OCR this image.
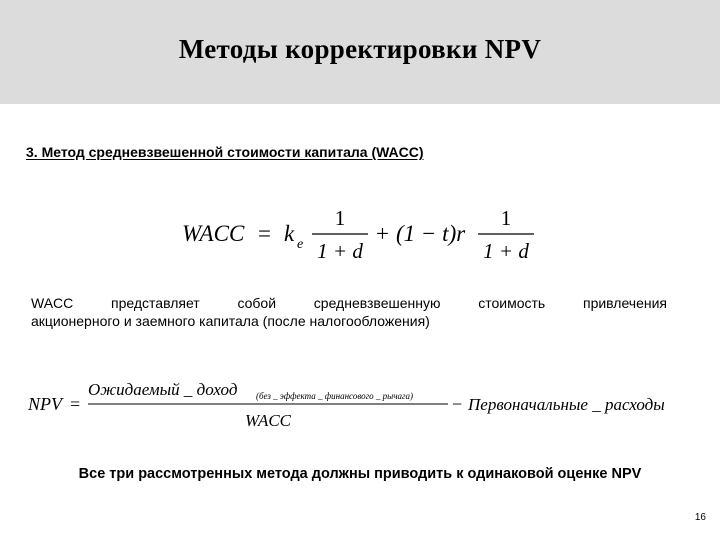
Методы корректировки NPV
3. Метод средневзвешенной стоимости капитала (WACC)
WACC = k e
1
1 + d
+ (1 − t)r
1
1 + d
WACC представляет собой средневзвешенную стоимость привлечения
акционерного и заемного капитала (после налогообложения)
NPV =
Ожидаемый _ доход (без _ эффекта _ финансового _ рычага)
WACC
− Первоначальные _ расходы
Все три рассмотренных метода должны приводить к одинаковой оценке NPV
16
